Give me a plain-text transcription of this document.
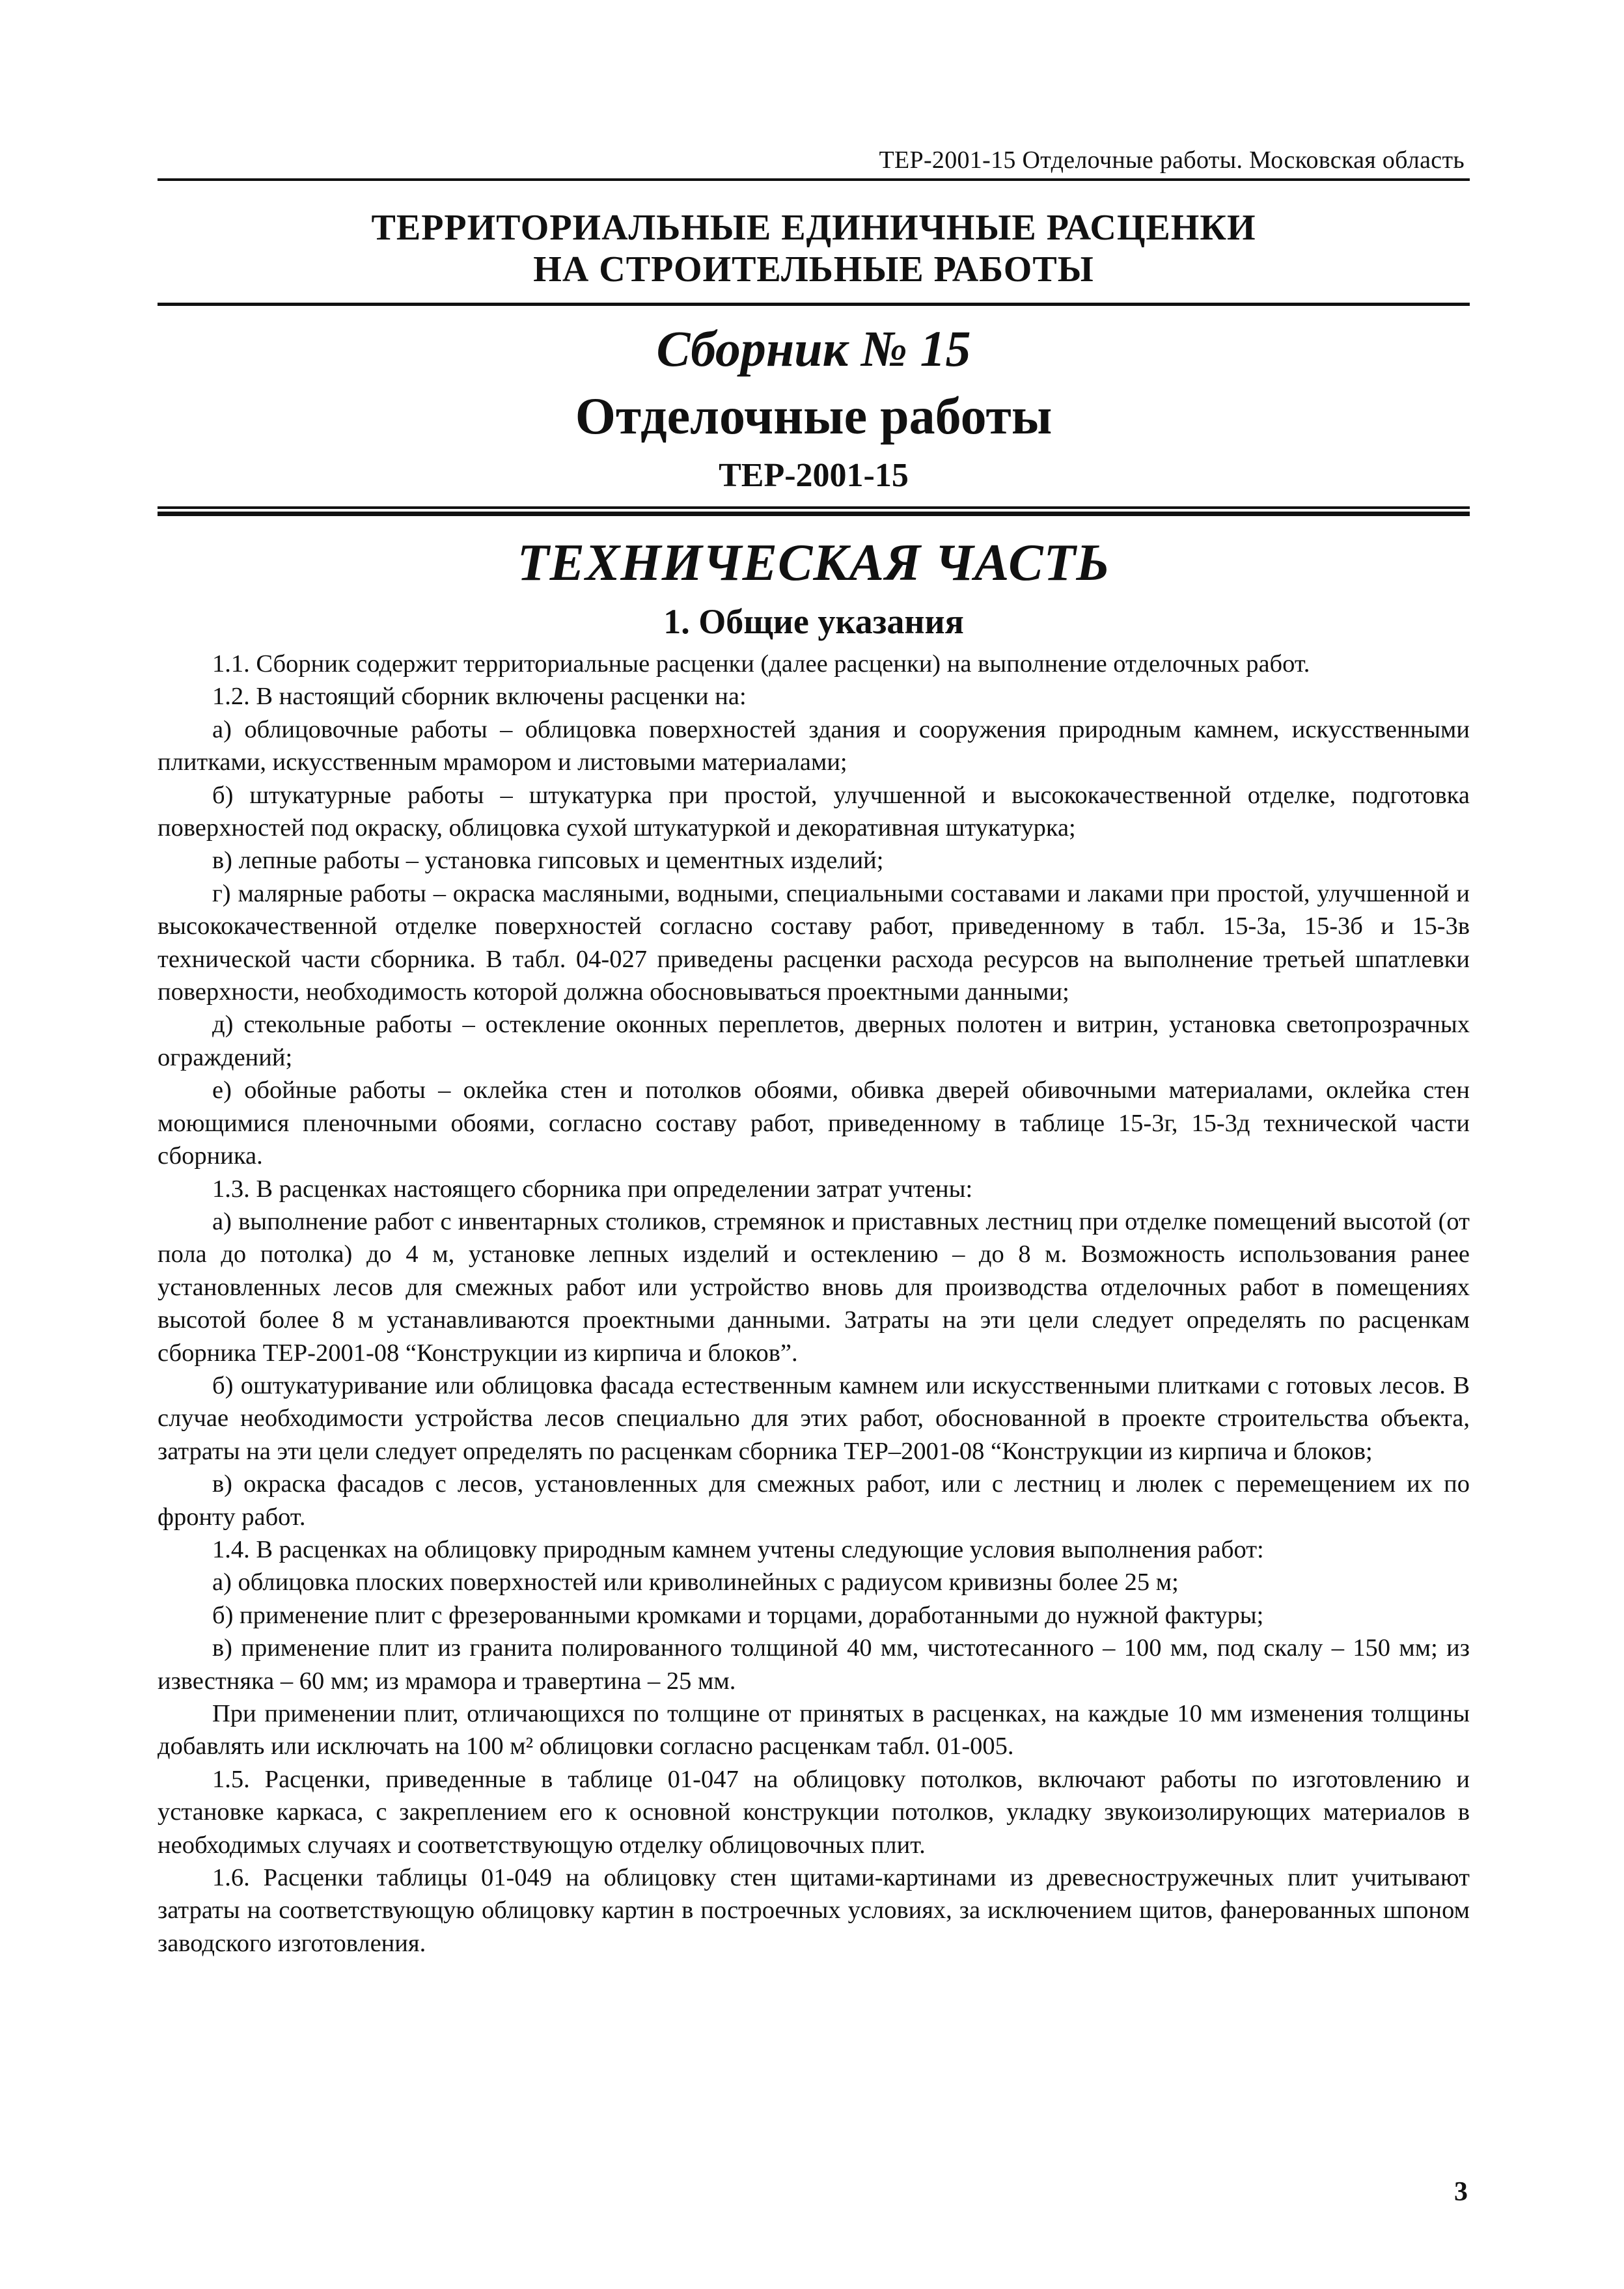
ТЕР-2001-15 Отделочные работы. Московская область
ТЕРРИТОРИАЛЬНЫЕ ЕДИНИЧНЫЕ РАСЦЕНКИ
НА СТРОИТЕЛЬНЫЕ РАБОТЫ
Сборник № 15
Отделочные работы
ТЕР-2001-15
ТЕХНИЧЕСКАЯ ЧАСТЬ
1. Общие указания

1.1. Сборник содержит территориальные расценки (далее расценки) на выполнение отделочных работ.

1.2. В настоящий сборник включены расценки на:

а) облицовочные работы – облицовка поверхностей здания и сооружения природным камнем, искусственными плитками, искусственным мрамором и листовыми материалами;

б) штукатурные работы – штукатурка при простой, улучшенной и высококачественной отделке, подготовка поверхностей под окраску, облицовка сухой штукатуркой и декоративная штукатурка;

в) лепные работы – установка гипсовых и цементных изделий;

г) малярные работы – окраска масляными, водными, специальными составами и лаками при простой, улучшенной и высококачественной отделке поверхностей согласно составу работ, приведенному в табл. 15-3а, 15-3б и 15-3в технической части сборника. В табл. 04-027 приведены расценки расхода ресурсов на выполнение третьей шпатлевки поверхности, необходимость которой должна обосновываться проектными данными;

д) стекольные работы – остекление оконных переплетов, дверных полотен и витрин, установка светопрозрачных ограждений;

е) обойные работы – оклейка стен и потолков обоями, обивка дверей обивочными материалами, оклейка стен моющимися пленочными обоями, согласно составу работ, приведенному в таблице 15-3г, 15-3д технической части сборника.

1.3. В расценках настоящего сборника при определении затрат учтены:

а) выполнение работ с инвентарных столиков, стремянок и приставных лестниц при отделке помещений высотой (от пола до потолка) до 4 м, установке лепных изделий и остеклению – до 8 м. Возможность использования ранее установленных лесов для смежных работ или устройство вновь для производства отделочных работ в помещениях высотой более 8 м устанавливаются проектными данными. Затраты на эти цели следует определять по расценкам сборника ТЕР-2001-08 “Конструкции из кирпича и блоков”.

б) оштукатуривание или облицовка фасада естественным камнем или искусственными плитками с готовых лесов. В случае необходимости устройства лесов специально для этих работ, обоснованной в проекте строительства объекта, затраты на эти цели следует определять по расценкам сборника ТЕР–2001-08 “Конструкции из кирпича и блоков;

в) окраска фасадов с лесов, установленных для смежных работ, или с лестниц и люлек с перемещением их по фронту работ.

1.4. В расценках на облицовку природным камнем учтены следующие условия выполнения работ:

а) облицовка плоских поверхностей или криволинейных с радиусом кривизны более 25 м;

б) применение плит с фрезерованными кромками и торцами, доработанными до нужной фактуры;

в) применение плит из гранита полированного толщиной 40 мм, чистотесанного – 100 мм, под скалу – 150 мм; из известняка – 60 мм; из мрамора и травертина – 25 мм.

При применении плит, отличающихся по толщине от принятых в расценках, на каждые 10 мм изменения толщины добавлять или исключать на 100 м² облицовки согласно расценкам табл. 01-005.

1.5. Расценки, приведенные в таблице 01-047 на облицовку потолков, включают работы по изготовлению и установке каркаса, с закреплением его к основной конструкции потолков, укладку звукоизолирующих материалов в необходимых случаях и соответствующую отделку облицовочных плит.

1.6. Расценки таблицы 01-049 на облицовку стен щитами-картинами из древесностружечных плит учитывают затраты на соответствующую облицовку картин в построечных условиях, за исключением щитов, фанерованных шпоном заводского изготовления.

3
